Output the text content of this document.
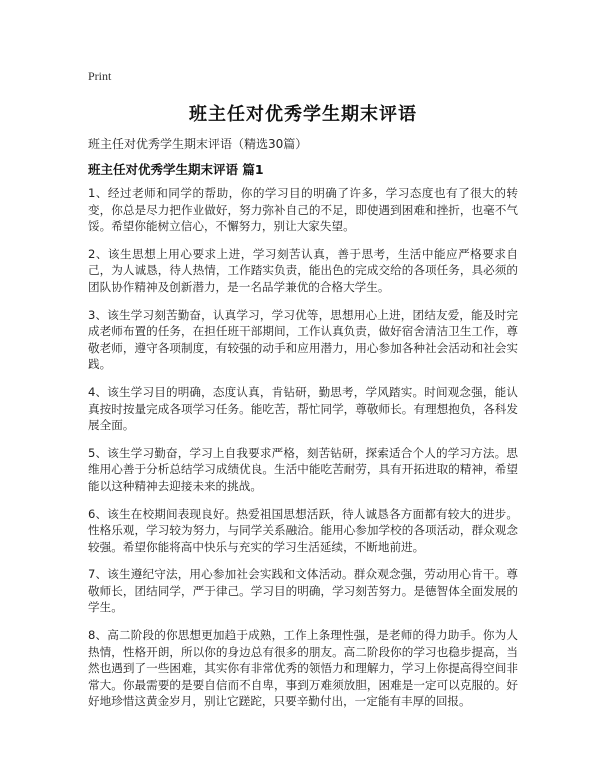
Print
班主任对优秀学生期末评语
班主任对优秀学生期末评语（精选30篇）
班主任对优秀学生期末评语 篇1

1、经过老师和同学的帮助，你的学习目的明确了许多，学习态度也有了很大的转变，你总是尽力把作业做好，努力弥补自己的不足，即使遇到困难和挫折，也毫不气馁。希望你能树立信心，不懈努力，别让大家失望。

2、该生思想上用心要求上进，学习刻苦认真，善于思考，生活中能应严格要求自己，为人诚恳，待人热情，工作踏实负责，能出色的完成交给的各项任务，具必须的团队协作精神及创新潜力，是一名品学兼优的合格大学生。

3、该生学习刻苦勤奋，认真学习，学习优等，思想用心上进，团结友爱，能及时完成老师布置的任务，在担任班干部期间，工作认真负责，做好宿舍清洁卫生工作，尊敬老师，遵守各项制度，有较强的动手和应用潜力，用心参加各种社会活动和社会实践。

4、该生学习目的明确，态度认真，肯钻研，勤思考，学风踏实。时间观念强，能认真按时按量完成各项学习任务。能吃苦，帮忙同学，尊敬师长。有理想抱负，各科发展全面。

5、该生学习勤奋，学习上自我要求严格，刻苦钻研，探索适合个人的学习方法。思维用心善于分析总结学习成绩优良。生活中能吃苦耐劳，具有开拓进取的精神，希望能以这种精神去迎接未来的挑战。

6、该生在校期间表现良好。热爱祖国思想活跃，待人诚恳各方面都有较大的进步。性格乐观，学习较为努力，与同学关系融洽。能用心参加学校的各项活动，群众观念较强。希望你能将高中快乐与充实的学习生活延续，不断地前进。

7、该生遵纪守法，用心参加社会实践和文体活动。群众观念强，劳动用心肯干。尊敬师长，团结同学，严于律己。学习目的明确，学习刻苦努力。是德智体全面发展的学生。

8、高二阶段的你思想更加趋于成熟，工作上条理性强，是老师的得力助手。你为人热情，性格开朗，所以你的身边总有很多的朋友。高二阶段你的学习也稳步提高，当然也遇到了一些困难，其实你有非常优秀的领悟力和理解力，学习上你提高得空间非常大。你最需要的是要自信而不自卑，事到万难须放胆，困难是一定可以克服的。好好地珍惜这黄金岁月，别让它蹉跎，只要辛勤付出，一定能有丰厚的回报。
